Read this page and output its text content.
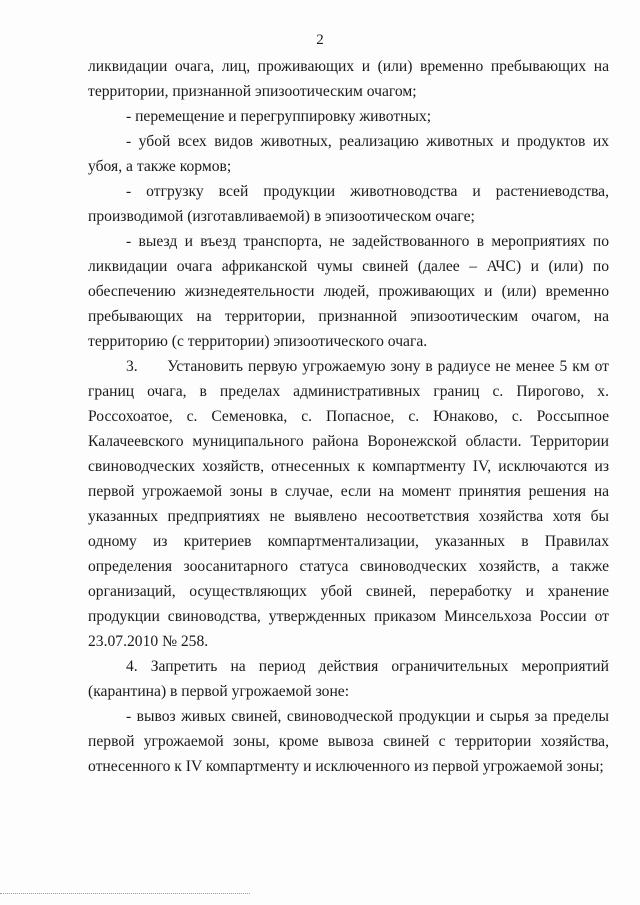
2

ликвидации очага, лиц, проживающих и (или) временно пребывающих на территории, признанной эпизоотическим очагом;

- перемещение и перегруппировку животных;

- убой всех видов животных, реализацию животных и продуктов их убоя, а также кормов;

- отгрузку всей продукции животноводства и растениеводства, производимой (изготавливаемой) в эпизоотическом очаге;

- выезд и въезд транспорта, не задействованного в мероприятиях по ликвидации очага африканской чумы свиней (далее – АЧС) и (или) по обеспечению жизнедеятельности людей, проживающих и (или) временно пребывающих на территории, признанной эпизоотическим очагом, на территорию (с территории) эпизоотического очага.

3.      Установить первую угрожаемую зону в радиусе не менее 5 км от границ очага, в пределах административных границ с. Пирогово, х. Россохоатое, с. Семеновка, с. Попасное, с. Юнаково, с. Россыпное Калачеевского муниципального района Воронежской области. Территории свиноводческих хозяйств, отнесенных к компартменту IV, исключаются из первой угрожаемой зоны в случае, если на момент принятия решения на указанных предприятиях не выявлено несоответствия хозяйства хотя бы одному из критериев компартментализации, указанных в Правилах определения зоосанитарного статуса свиноводческих хозяйств, а также организаций, осуществляющих убой свиней, переработку и хранение продукции свиноводства, утвержденных приказом Минсельхоза России от 23.07.2010 № 258.

4. Запретить на период действия ограничительных мероприятий (карантина) в первой угрожаемой зоне:

- вывоз живых свиней, свиноводческой продукции и сырья за пределы первой угрожаемой зоны, кроме вывоза свиней с территории хозяйства, отнесенного к IV компартменту и исключенного из первой угрожаемой зоны;
